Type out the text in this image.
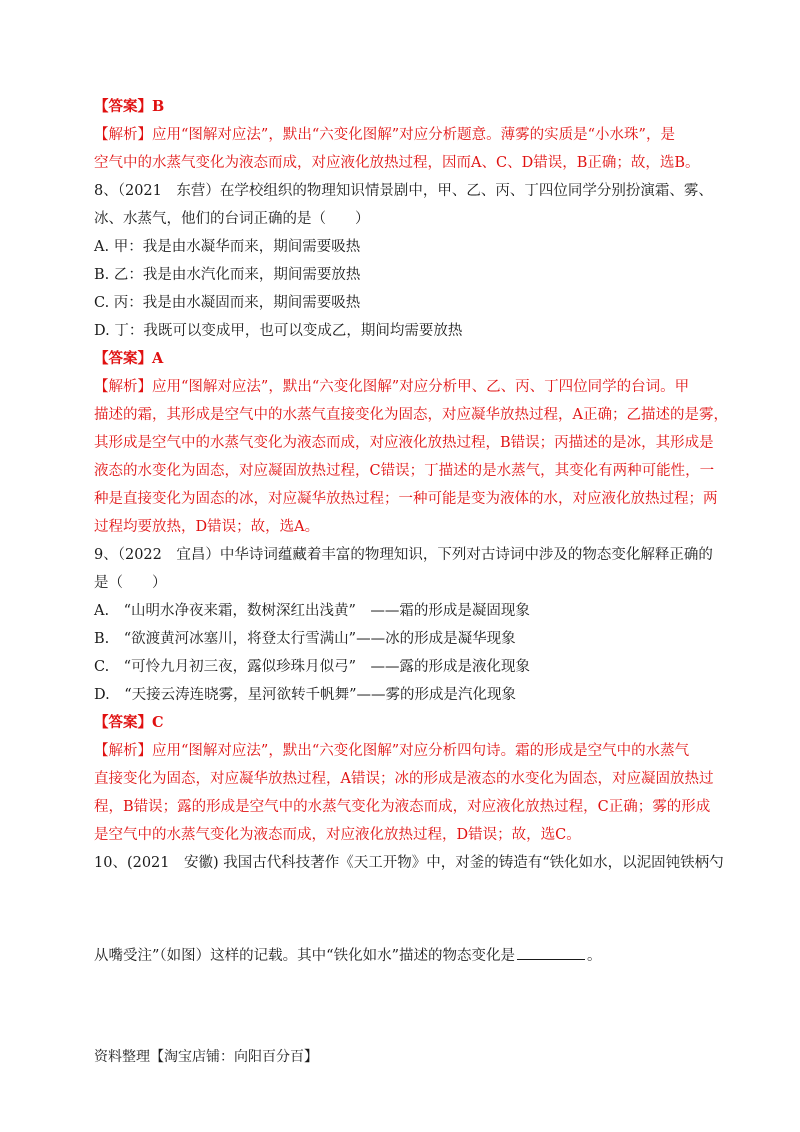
【答案】B
【解析】应用“图解对应法”，默出“六变化图解”对应分析题意。薄雾的实质是“小水珠”，是
空气中的水蒸气变化为液态而成，对应液化放热过程，因而A、C、D错误，B正确；故，选B。
8、（2021　东营）在学校组织的物理知识情景剧中，甲、乙、丙、丁四位同学分别扮演霜、雾、
冰、水蒸气，他们的台词正确的是（　　）
A. 甲：我是由水凝华而来，期间需要吸热
B. 乙：我是由水汽化而来，期间需要放热
C. 丙：我是由水凝固而来，期间需要吸热
D. 丁：我既可以变成甲，也可以变成乙，期间均需要放热
【答案】A
【解析】应用“图解对应法”，默出“六变化图解”对应分析甲、乙、丙、丁四位同学的台词。甲
描述的霜，其形成是空气中的水蒸气直接变化为固态，对应凝华放热过程，A正确；乙描述的是雾，
其形成是空气中的水蒸气变化为液态而成，对应液化放热过程，B错误；丙描述的是冰，其形成是
液态的水变化为固态，对应凝固放热过程，C错误；丁描述的是水蒸气，其变化有两种可能性，一
种是直接变化为固态的冰，对应凝华放热过程；一种可能是变为液体的水，对应液化放热过程；两
过程均要放热，D错误；故，选A。
9、（2022　宜昌）中华诗词蕴藏着丰富的物理知识，下列对古诗词中涉及的物态变化解释正确的
是（　　）
A.　“山明水净夜来霜，数树深红出浅黄”　——霜的形成是凝固现象
B.　“欲渡黄河冰塞川，将登太行雪满山”——冰的形成是凝华现象
C.　“可怜九月初三夜，露似珍珠月似弓”　——露的形成是液化现象
D.　“天接云涛连晓雾，星河欲转千帆舞”——雾的形成是汽化现象
【答案】C
【解析】应用“图解对应法”，默出“六变化图解”对应分析四句诗。霜的形成是空气中的水蒸气
直接变化为固态，对应凝华放热过程，A错误；冰的形成是液态的水变化为固态，对应凝固放热过
程，B错误；露的形成是空气中的水蒸气变化为液态而成，对应液化放热过程，C正确；雾的形成
是空气中的水蒸气变化为液态而成，对应液化放热过程，D错误；故，选C。
10、(2021　安徽) 我国古代科技著作《天工开物》中，对釜的铸造有“铁化如水，以泥固钝铁柄勺
从嘴受注”（如图）这样的记载。其中“铁化如水”描述的物态变化是	。
资料整理【淘宝店铺：向阳百分百】
